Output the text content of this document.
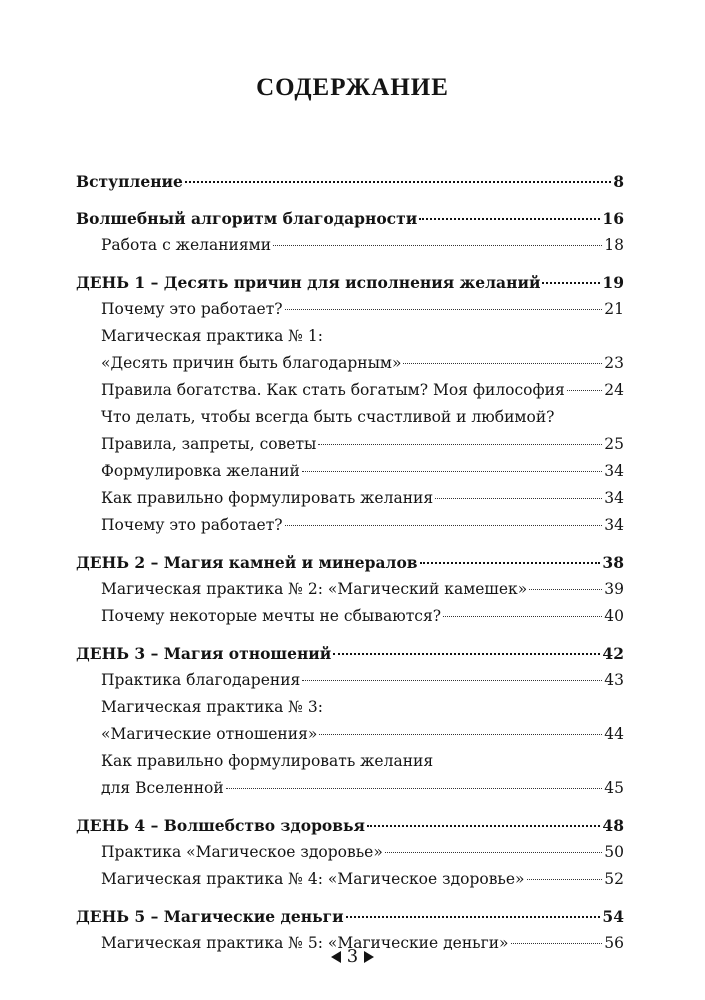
СОДЕРЖАНИЕ
Вступление	8
Волшебный алгоритм благодарности	16
Работа с желаниями	18
ДЕНЬ 1 – Десять причин для исполнения желаний	19
Почему это работает?	21
Магическая практика № 1:
«Десять причин быть благодарным»	23
Правила богатства. Как стать богатым? Моя философия	24
Что делать, чтобы всегда быть счастливой и любимой?
Правила, запреты, советы	25
Формулировка желаний	34
Как правильно формулировать желания	34
Почему это работает?	34
ДЕНЬ 2 – Магия камней и минералов	38
Магическая практика № 2: «Магический камешек»	39
Почему некоторые мечты не сбываются?	40
ДЕНЬ 3 – Магия отношений	42
Практика благодарения	43
Магическая практика № 3:
«Магические отношения»	44
Как правильно формулировать желания
для Вселенной	45
ДЕНЬ 4 – Волшебство здоровья	48
Практика «Магическое здоровье»	50
Магическая практика № 4: «Магическое здоровье»	52
ДЕНЬ 5 – Магические деньги	54
Магическая практика № 5: «Магические деньги»	56
3
